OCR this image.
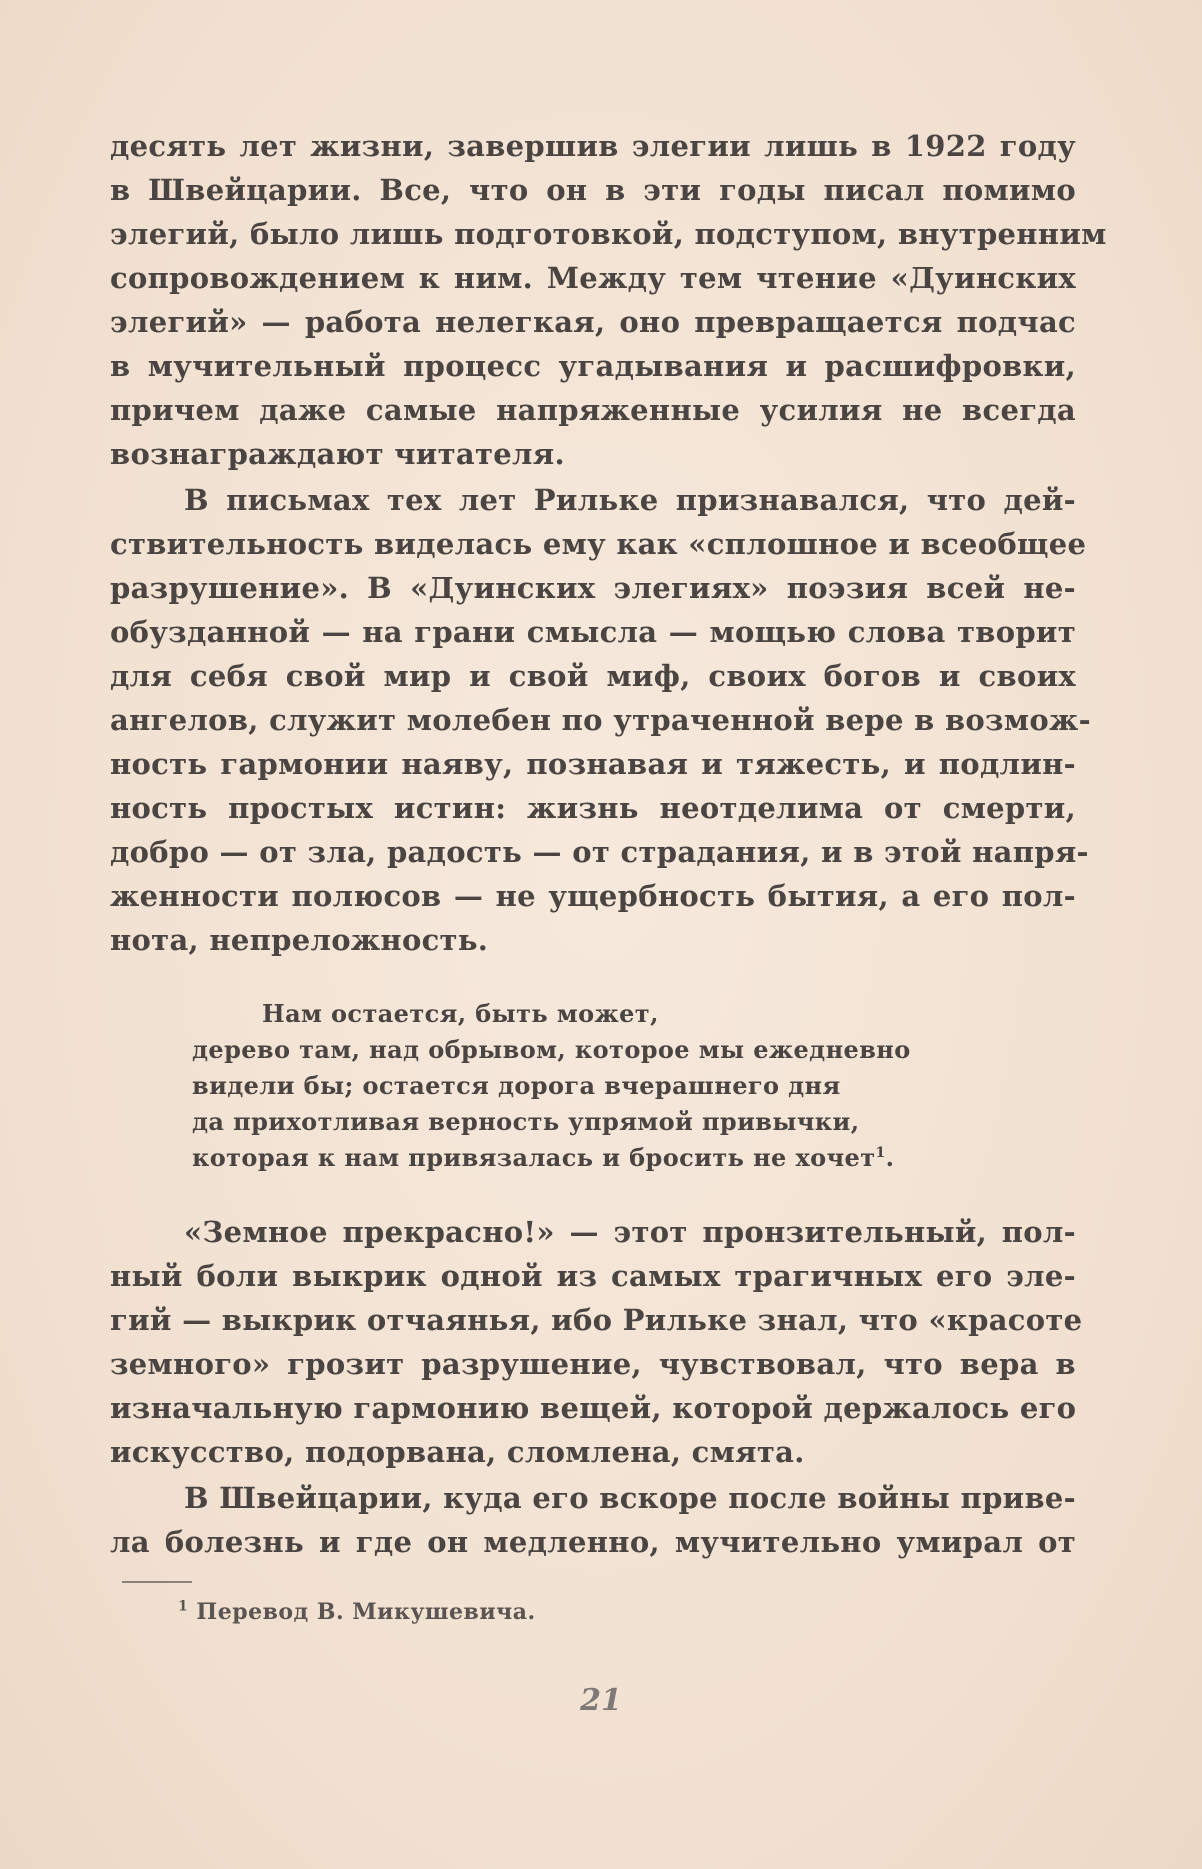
десять лет жизни, завершив элегии лишь в 1922 году
в Швейцарии. Все, что он в эти годы писал помимо
элегий, было лишь подготовкой, подступом, внутренним
сопровождением к ним. Между тем чтение «Дуинских
элегий» — работа нелегкая, оно превращается подчас
в мучительный процесс угадывания и расшифровки,
причем даже самые напряженные усилия не всегда
вознаграждают читателя.
В письмах тех лет Рильке признавался, что дей-
ствительность виделась ему как «сплошное и всеобщее
разрушение». В «Дуинских элегиях» поэзия всей не-
обузданной — на грани смысла — мощью слова творит
для себя свой мир и свой миф, своих богов и своих
ангелов, служит молебен по утраченной вере в возмож-
ность гармонии наяву, познавая и тяжесть, и подлин-
ность простых истин: жизнь неотделима от смерти,
добро — от зла, радость — от страдания, и в этой напря-
женности полюсов — не ущербность бытия, а его пол-
нота, непреложность.
Нам остается, быть может,
дерево там, над обрывом, которое мы ежедневно
видели бы; остается дорога вчерашнего дня
да прихотливая верность упрямой привычки,
которая к нам привязалась и бросить не хочет$^1$.
«Земное прекрасно!» — этот пронзительный, пол-
ный боли выкрик одной из самых трагичных его эле-
гий — выкрик отчаянья, ибо Рильке знал, что «красоте
земного» грозит разрушение, чувствовал, что вера в
изначальную гармонию вещей, которой держалось его
искусство, подорвана, сломлена, смята.
В Швейцарии, куда его вскоре после войны приве-
ла болезнь и где он медленно, мучительно умирал от
$^1$ Перевод В. Микушевича.
21
